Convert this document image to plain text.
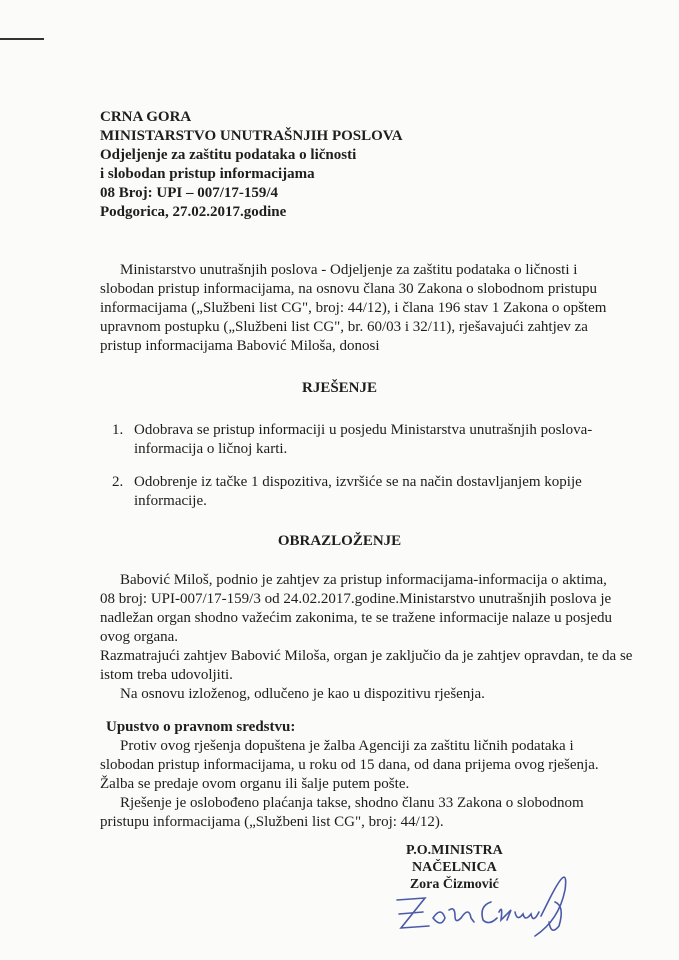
CRNA GORA
MINISTARSTVO UNUTRAŠNJIH POSLOVA
Odjeljenje za zaštitu podataka o ličnosti
i slobodan pristup informacijama
08 Broj: UPI – 007/17-159/4
Podgorica, 27.02.2017.godine
Ministarstvo unutrašnjih poslova - Odjeljenje za zaštitu podataka o ličnosti i
slobodan pristup informacijama, na osnovu člana 30 Zakona o slobodnom pristupu
informacijama („Službeni list CG", broj: 44/12), i člana 196 stav 1 Zakona o opštem
upravnom postupku („Službeni list CG", br. 60/03 i 32/11), rješavajući zahtjev za
pristup informacijama Babović Miloša, donosi
RJEŠENJE
1. Odobrava se pristup informaciji u posjedu Ministarstva unutrašnjih poslova-
informacija o ličnoj karti.
2. Odobrenje iz tačke 1 dispozitiva, izvršiće se na način dostavljanjem kopije
informacije.
OBRAZLOŽENJE
Babović Miloš, podnio je zahtjev za pristup informacijama-informacija o aktima,
08 broj: UPI-007/17-159/3 od 24.02.2017.godine.Ministarstvo unutrašnjih poslova je
nadležan organ shodno važećim zakonima, te se tražene informacije nalaze u posjedu
ovog organa.
Razmatrajući zahtjev Babović Miloša, organ je zaključio da je zahtjev opravdan, te da se
istom treba udovoljiti.
Na osnovu izloženog, odlučeno je kao u dispozitivu rješenja.
Upustvo o pravnom sredstvu:
Protiv ovog rješenja dopuštena je žalba Agenciji za zaštitu ličnih podataka i
slobodan pristup informacijama, u roku od 15 dana, od dana prijema ovog rješenja.
Žalba se predaje ovom organu ili šalje putem pošte.
Rješenje je oslobođeno plaćanja takse, shodno članu 33 Zakona o slobodnom
pristupu informacijama („Službeni list CG", broj: 44/12).
P.O.MINISTRA
NAČELNICA
Zora Čizmović
